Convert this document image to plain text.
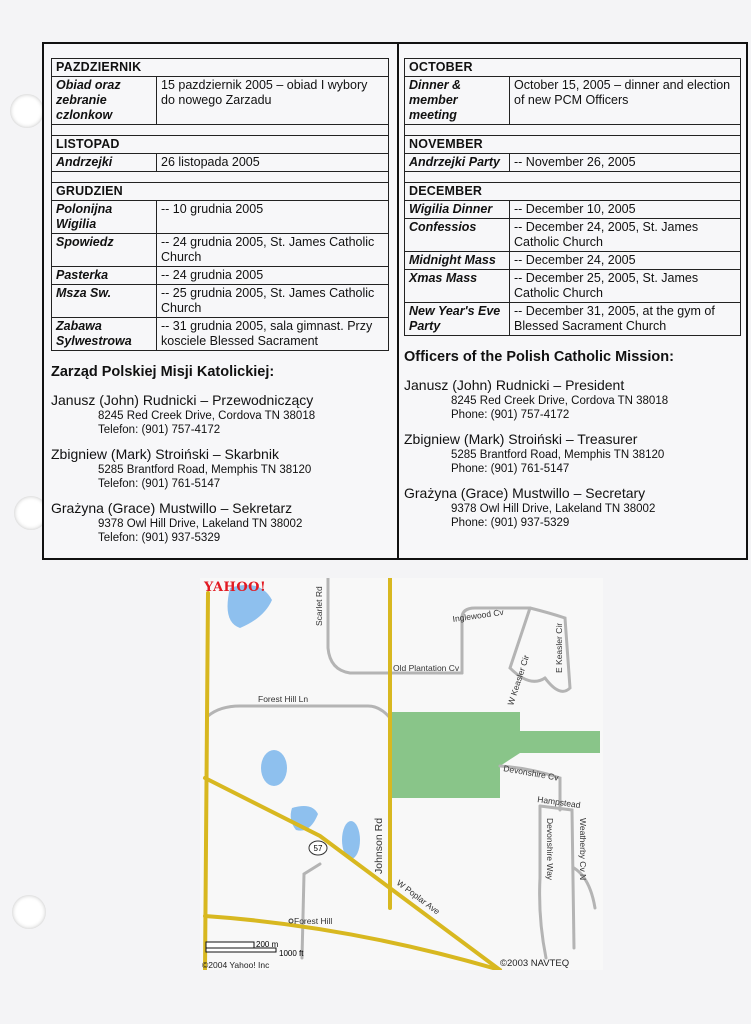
PAZDZIERNIK	
Obiad oraz zebranie czlonkow	15 pazdziernik 2005 – obiad I wybory do nowego Zarzadu

LISTOPAD	
Andrzejki	26 listopada 2005

GRUDZIEN	
Polonijna Wigilia	-- 10 grudnia 2005
Spowiedz	-- 24 grudnia 2005, St. James Catholic Church
Pasterka	-- 24 grudnia 2005
Msza Sw.	-- 25 grudnia 2005, St. James Catholic Church
Zabawa Sylwestrowa	-- 31 grudnia 2005, sala gimnast. Przy kosciele Blessed Sacrament
Zarząd Polskiej Misji Katolickiej:
Janusz (John) Rudnicki – Przewodniczący
8245 Red Creek Drive, Cordova TN 38018
Telefon: (901) 757-4172
Zbigniew (Mark) Stroiński – Skarbnik
5285 Brantford Road, Memphis TN 38120
Telefon: (901) 761-5147
Grażyna (Grace) Mustwillo – Sekretarz
9378 Owl Hill Drive, Lakeland TN 38002
Telefon: (901) 937-5329
OCTOBER	
Dinner & member meeting	October 15, 2005 – dinner and election of new PCM Officers

NOVEMBER	
Andrzejki Party	-- November 26, 2005

DECEMBER	
Wigilia Dinner	-- December 10, 2005
Confessios	-- December 24, 2005, St. James Catholic Church
Midnight Mass	-- December 24, 2005
Xmas Mass	-- December 25, 2005, St. James Catholic Church
New Year's Eve Party	-- December 31, 2005, at the gym of Blessed Sacrament Church
Officers of the Polish Catholic Mission:
Janusz (John) Rudnicki – President
8245 Red Creek Drive, Cordova TN 38018
Phone: (901) 757-4172
Zbigniew (Mark) Stroiński – Treasurer
5285 Brantford Road, Memphis TN 38120
Phone: (901) 761-5147
Grażyna (Grace) Mustwillo – Secretary
9378 Owl Hill Drive, Lakeland TN 38002
Phone: (901) 937-5329
57
Scarlet Rd	Inglewood Cv
Old Plantation Cv	W Keasler Cir
E Keasler Cir
Forest Hill Ln
Devonshire Cv
Hampstead
Devonshire Way	Weatherby Cv N
Johnson Rd
W Poplar Ave
Forest Hill
200 m
1000 ft
YAHOO!
©2004 Yahoo! Inc	©2003 NAVTEQ
